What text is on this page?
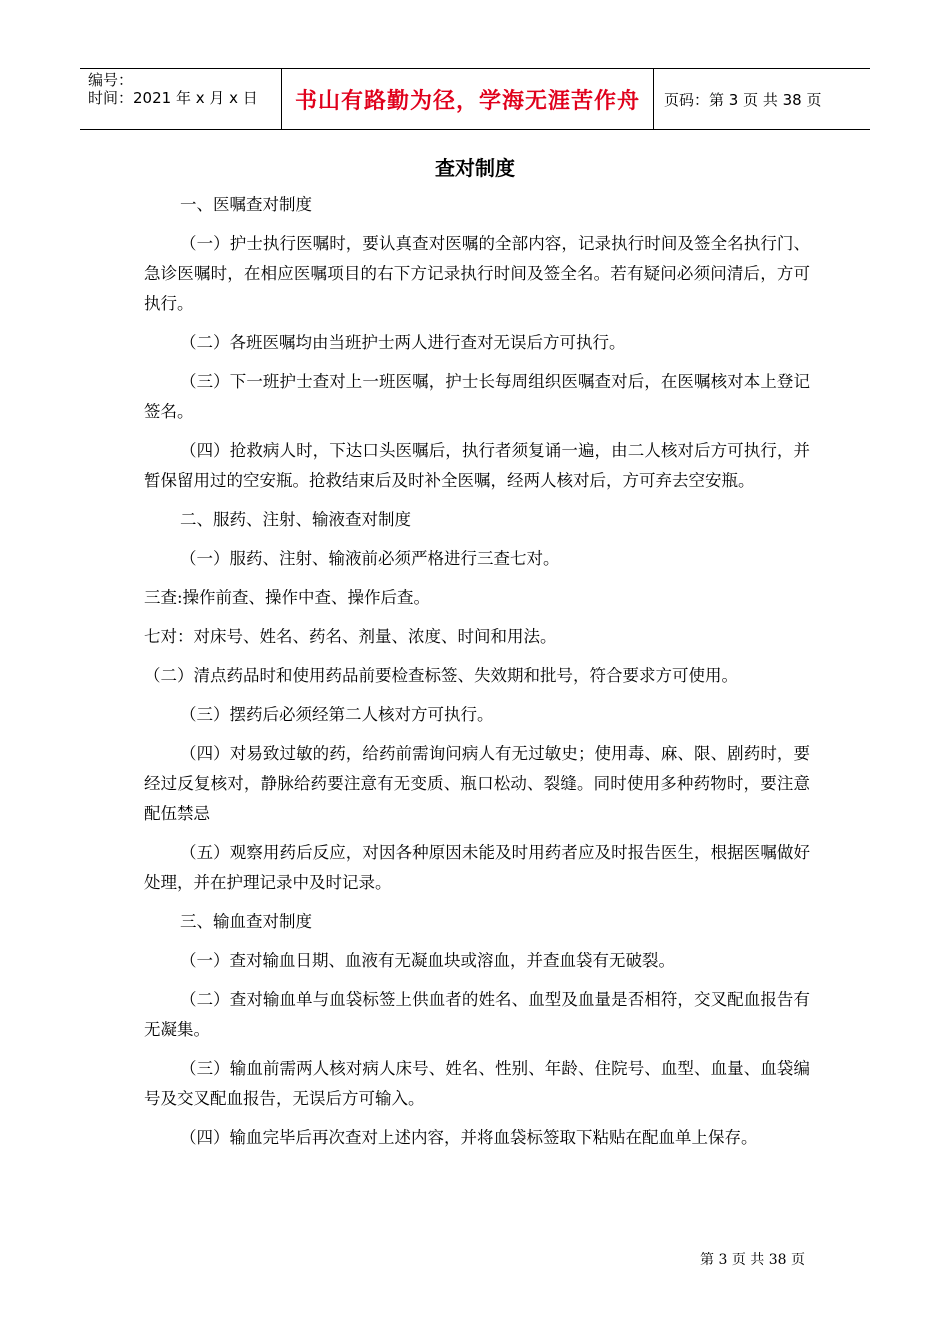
编号：
时间：2021 年 x 月 x 日	书山有路勤为径，学海无涯苦作舟	页码：第 3 页 共 38 页
查对制度

一、医嘱查对制度

（一）护士执行医嘱时，要认真查对医嘱的全部内容，记录执行时间及签全名执行门、急诊医嘱时，在相应医嘱项目的右下方记录执行时间及签全名。若有疑问必须问清后，方可执行。

（二）各班医嘱均由当班护士两人进行查对无误后方可执行。

（三）下一班护士查对上一班医嘱，护士长每周组织医嘱查对后，在医嘱核对本上登记签名。

（四）抢救病人时，下达口头医嘱后，执行者须复诵一遍，由二人核对后方可执行，并暂保留用过的空安瓶。抢救结束后及时补全医嘱，经两人核对后，方可弃去空安瓶。

二、服药、注射、输液查对制度

（一）服药、注射、输液前必须严格进行三查七对。

三查:操作前查、操作中查、操作后查。

七对：对床号、姓名、药名、剂量、浓度、时间和用法。

（二）清点药品时和使用药品前要检查标签、失效期和批号，符合要求方可使用。

（三）摆药后必须经第二人核对方可执行。

（四）对易致过敏的药，给药前需询问病人有无过敏史；使用毒、麻、限、剧药时，要经过反复核对，静脉给药要注意有无变质、瓶口松动、裂缝。同时使用多种药物时，要注意配伍禁忌

（五）观察用药后反应，对因各种原因未能及时用药者应及时报告医生，根据医嘱做好处理，并在护理记录中及时记录。

三、输血查对制度

（一）查对输血日期、血液有无凝血块或溶血，并查血袋有无破裂。

（二）查对输血单与血袋标签上供血者的姓名、血型及血量是否相符，交叉配血报告有无凝集。

（三）输血前需两人核对病人床号、姓名、性别、年龄、住院号、血型、血量、血袋编号及交叉配血报告，无误后方可输入。

（四）输血完毕后再次查对上述内容，并将血袋标签取下粘贴在配血单上保存。

第 3 页 共 38 页
